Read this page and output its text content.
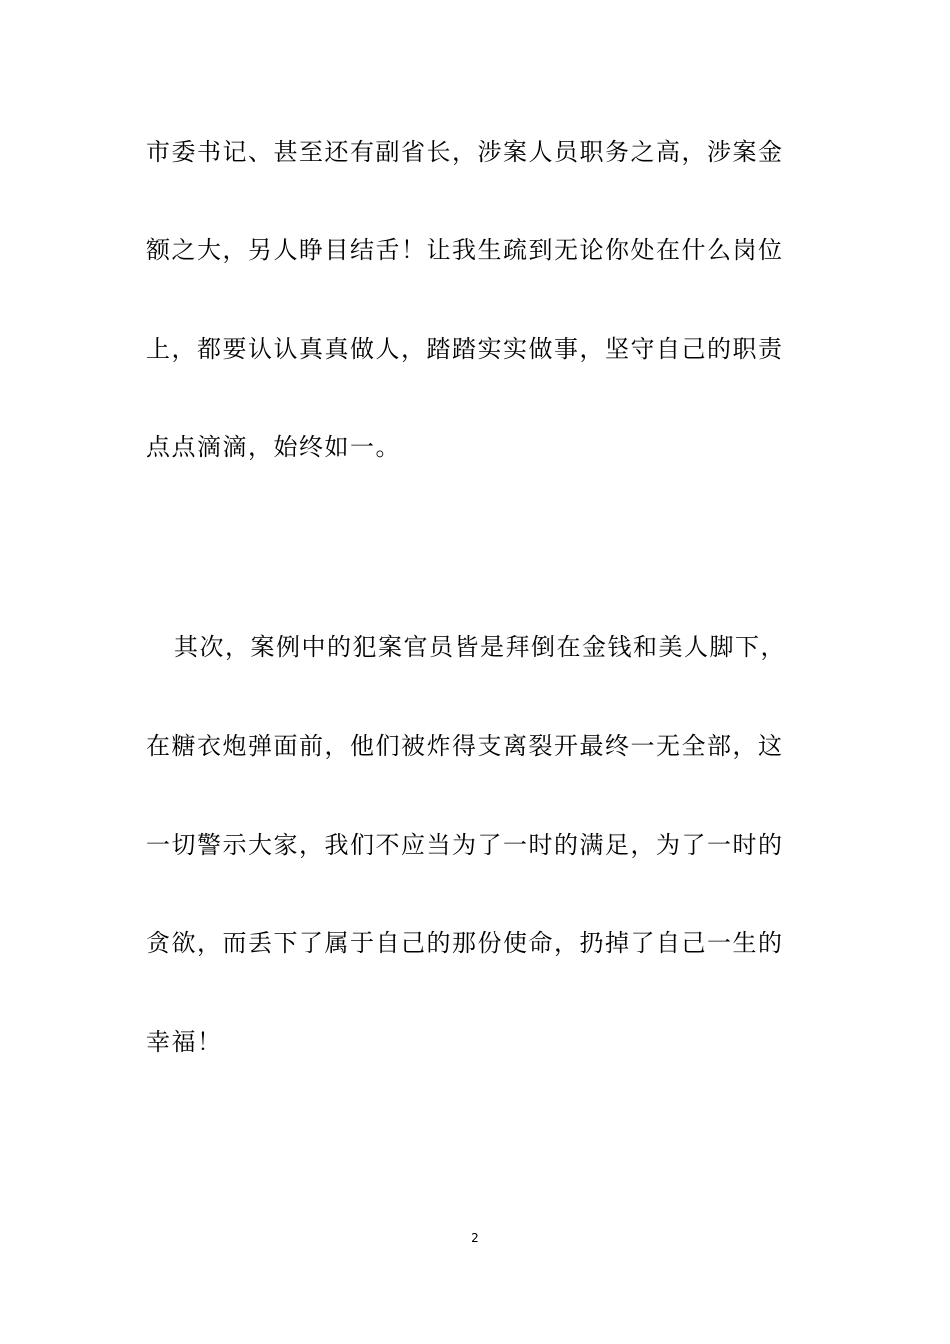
市委书记、甚至还有副省长，涉案人员职务之高，涉案金
额之大，另人睁目结舌！让我生疏到无论你处在什么岗位
上，都要认认真真做人，踏踏实实做事，坚守自己的职责
点点滴滴，始终如一。
其次，案例中的犯案官员皆是拜倒在金钱和美人脚下，
在糖衣炮弹面前，他们被炸得支离裂开最终一无全部，这
一切警示大家，我们不应当为了一时的满足，为了一时的
贪欲，而丢下了属于自己的那份使命，扔掉了自己一生的
幸福！
2
